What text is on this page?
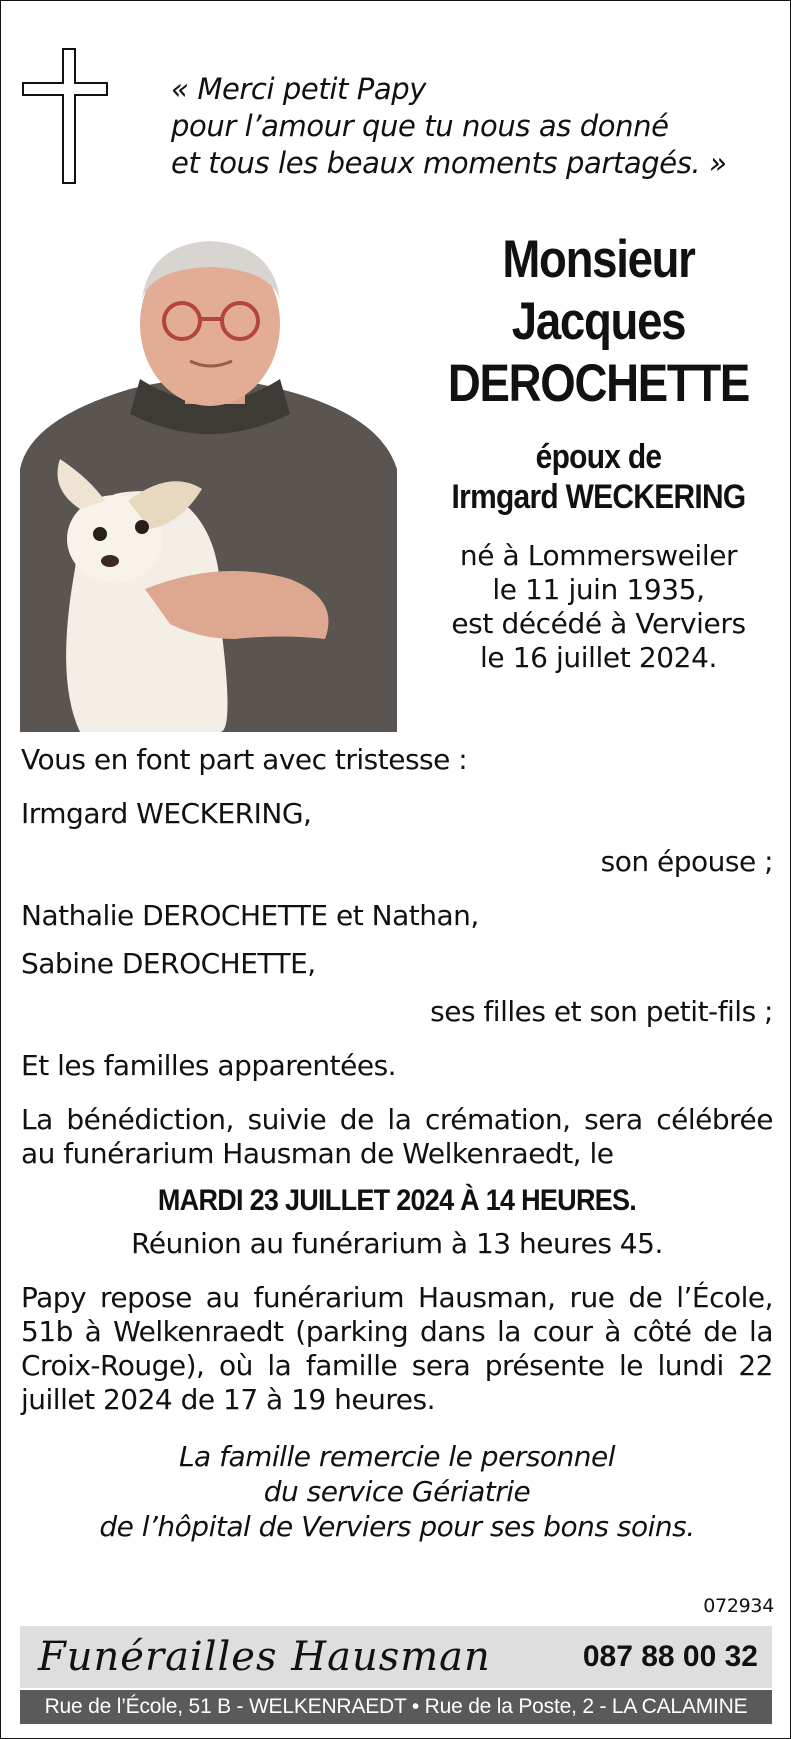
« Merci petit Papy
pour l’amour que tu nous as donné
et tous les beaux moments partagés. »
Monsieur
Jacques
DEROCHETTE
époux de
Irmgard WECKERING
né à Lommersweiler
le 11 juin 1935,
est décédé à Verviers
le 16 juillet 2024.
Vous en font part avec tristesse :
Irmgard WECKERING,
son épouse ;
Nathalie DEROCHETTE et Nathan,
Sabine DEROCHETTE,
ses filles et son petit-fils ;
Et les familles apparentées.
La bénédiction, suivie de la crémation, sera célébrée au funérarium Hausman de Welkenraedt, le
MARDI 23 JUILLET 2024 À 14 HEURES.
Réunion au funérarium à 13 heures 45.
Papy repose au funérarium Hausman, rue de l’École, 51b à Welkenraedt (parking dans la cour à côté de la Croix-Rouge), où la famille sera présente le lundi 22 juillet 2024 de 17 à 19 heures.
La famille remercie le personnel
du service Gériatrie
de l’hôpital de Verviers pour ses bons soins.
072934
Funérailles Hausman	087 88 00 32
Rue de l’École, 51 B - WELKENRAEDT • Rue de la Poste, 2 - LA CALAMINE
